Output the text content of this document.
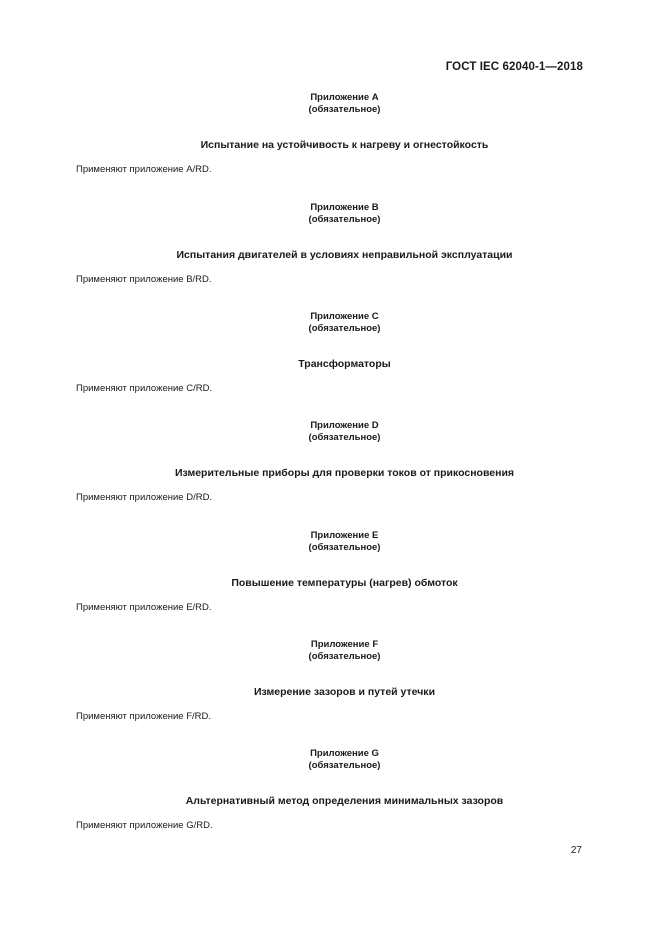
ГОСТ IEC 62040-1—2018
Приложение А
(обязательное)
Испытание на устойчивость к нагреву и огнестойкость
Применяют приложение A/RD.
Приложение В
(обязательное)
Испытания двигателей в условиях неправильной эксплуатации
Применяют приложение B/RD.
Приложение С
(обязательное)
Трансформаторы
Применяют приложение C/RD.
Приложение D
(обязательное)
Измерительные приборы для проверки токов от прикосновения
Применяют приложение D/RD.
Приложение Е
(обязательное)
Повышение температуры (нагрев) обмоток
Применяют приложение E/RD.
Приложение F
(обязательное)
Измерение зазоров и путей утечки
Применяют приложение F/RD.
Приложение G
(обязательное)
Альтернативный метод определения минимальных зазоров
Применяют приложение G/RD.
27
